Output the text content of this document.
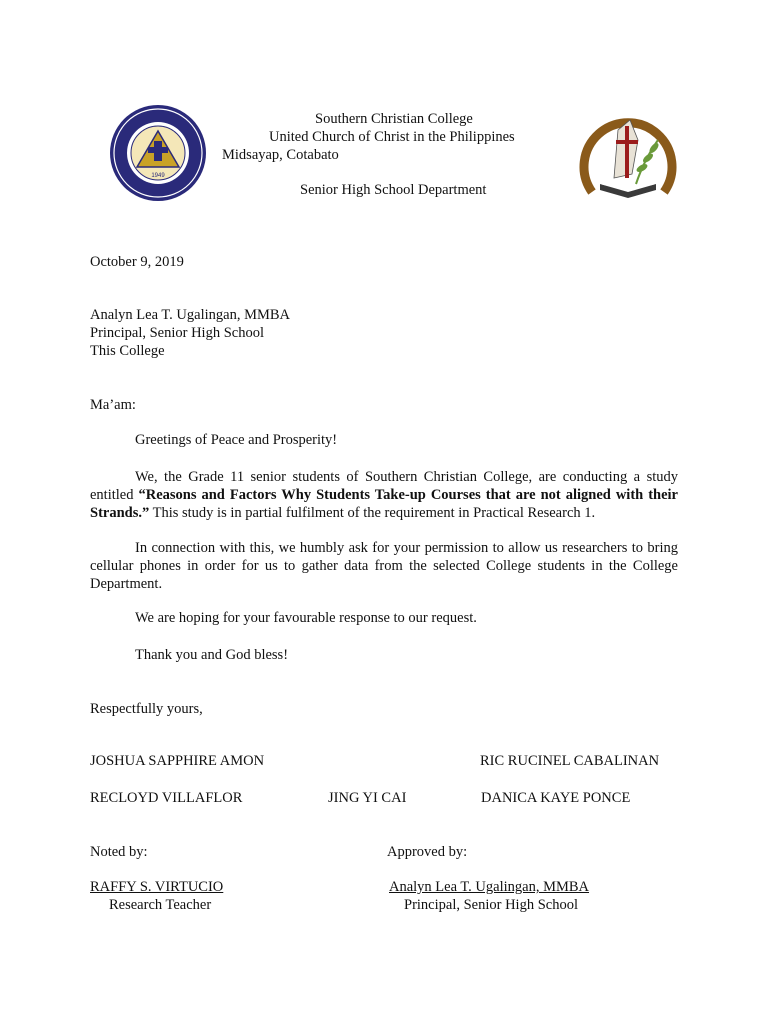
1949
Southern Christian College
United Church of Christ in the Philippines
Midsayap, Cotabato
Senior High School Department
October 9, 2019
Analyn Lea T. Ugalingan, MMBA
Principal, Senior High School
This College
Ma’am:
Greetings of Peace and Prosperity!
We, the Grade 11 senior students of Southern Christian College, are conducting a study entitled “Reasons and Factors Why Students Take-up Courses that are not aligned with their Strands.” This study is in partial fulfilment of the requirement in Practical Research 1.
In connection with this, we humbly ask for your permission to allow us researchers to bring cellular phones in order for us to gather data from the selected College students in the College Department.
We are hoping for your favourable response to our request.
Thank you and God bless!
Respectfully yours,
JOSHUA SAPPHIRE AMON	RIC RUCINEL CABALINAN
RECLOYD VILLAFLOR	JING YI CAI	DANICA KAYE PONCE
Noted by:
RAFFY S. VIRTUCIO
Research Teacher
Approved by:
Analyn Lea T. Ugalingan, MMBA
Principal, Senior High School
